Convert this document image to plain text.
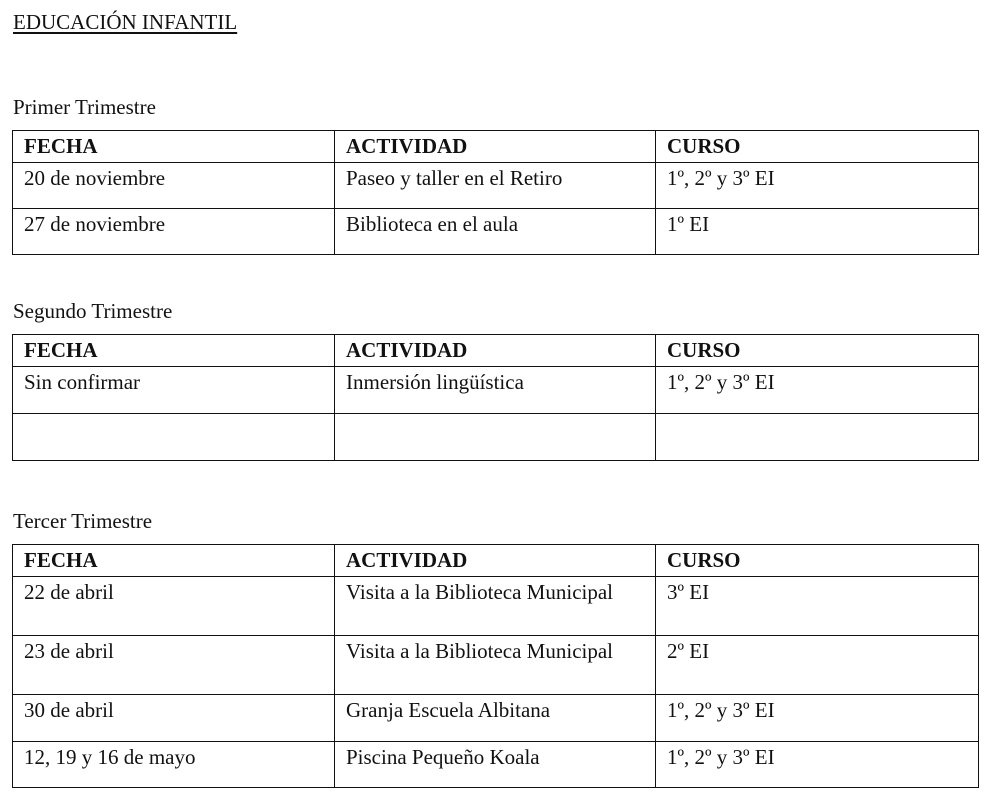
EDUCACIÓN INFANTIL
Primer Trimestre
FECHA	ACTIVIDAD	CURSO
20 de noviembre	Paseo y taller en el Retiro	1º, 2º y 3º EI
27 de noviembre	Biblioteca en el aula	1º EI
Segundo Trimestre
FECHA	ACTIVIDAD	CURSO
Sin confirmar	Inmersión lingüística	1º, 2º y 3º EI

Tercer Trimestre
FECHA	ACTIVIDAD	CURSO
22 de abril	Visita a la Biblioteca Municipal	3º EI
23 de abril	Visita a la Biblioteca Municipal	2º EI
30 de abril	Granja Escuela Albitana	1º, 2º y 3º EI
12, 19 y 16 de mayo	Piscina Pequeño Koala	1º, 2º y 3º EI
